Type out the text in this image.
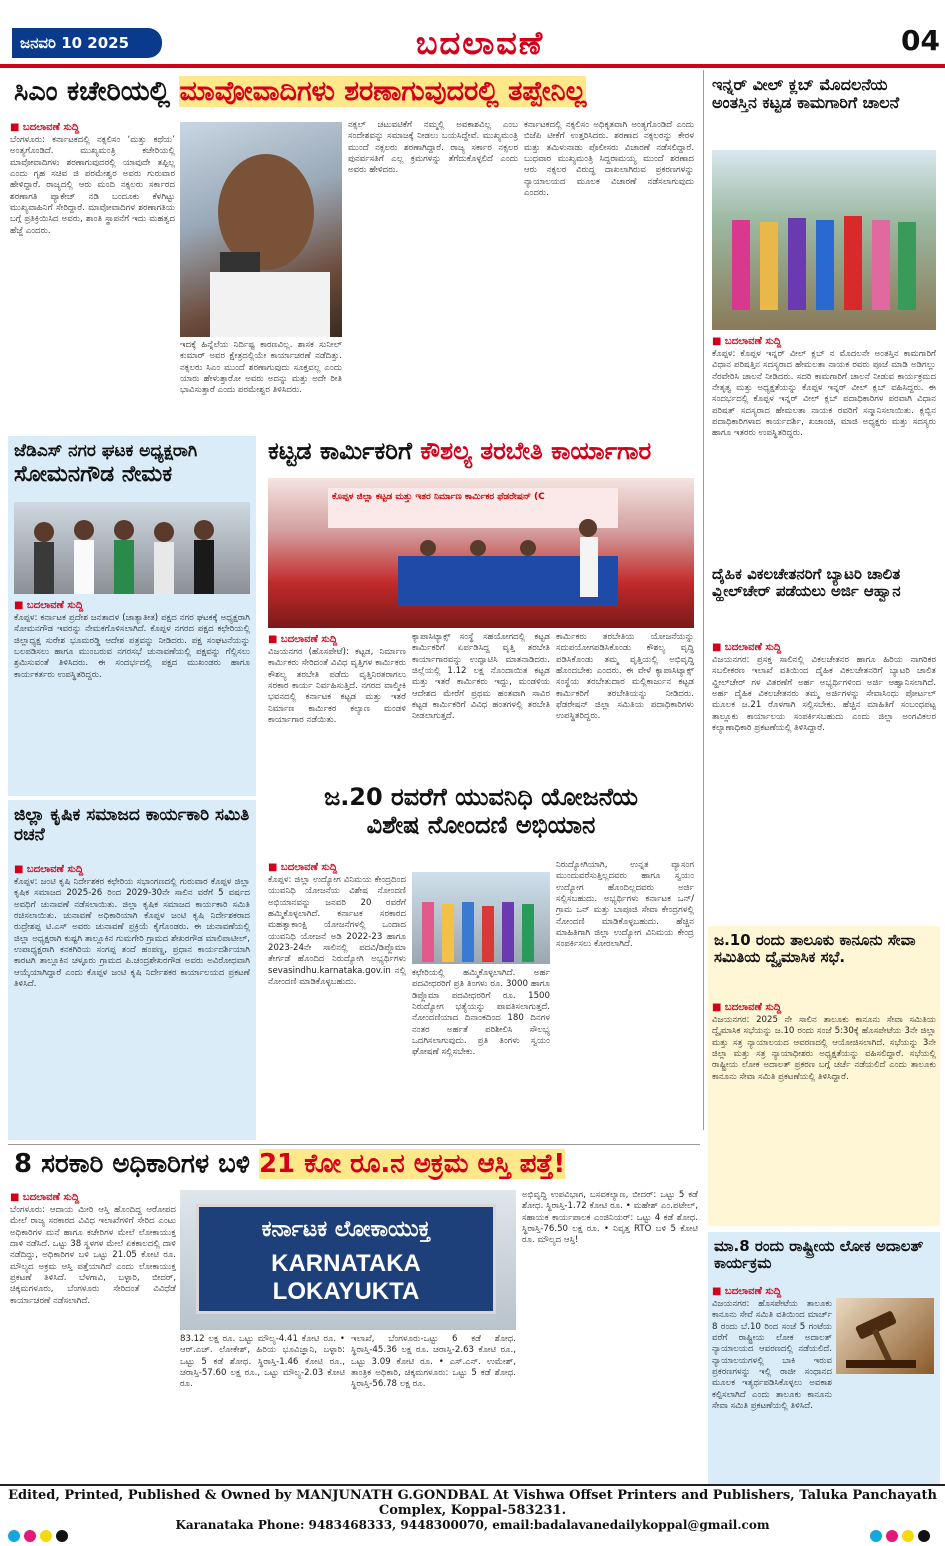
ಜನವರಿ 10 2025	ಬದಲಾವಣೆ	04
ಸಿಎಂ ಕಚೇರಿಯಲ್ಲಿ ಮಾವೋವಾದಿಗಳು ಶರಣಾಗುವುದರಲ್ಲಿ ತಪ್ಪೇನಿಲ್ಲ
■ ಬದಲಾವಣೆ ಸುದ್ದಿ
ಬೆಂಗಳೂರು: ಕರ್ನಾಟಕದಲ್ಲಿ ನಕ್ಸಲಿಸಂ ‘ಮತ್ತು ಕಥೆಯ’ ಅಂತ್ಯಗೊಂಡಿದೆ. ಮುಖ್ಯಮಂತ್ರಿ ಕಚೇರಿಯಲ್ಲಿ ಮಾವೋವಾದಿಗಳು ಶರಣಾಗುವುದರಲ್ಲಿ ಯಾವುದೇ ತಪ್ಪಿಲ್ಲ ಎಂದು ಗೃಹ ಸಚಿವ ಜಿ ಪರಮೇಶ್ವರ ಅವರು ಗುರುವಾರ ಹೇಳಿದ್ದಾರೆ. ರಾಜ್ಯದಲ್ಲಿ ಆರು ಮಂದಿ ನಕ್ಸಲರು ಸರ್ಕಾರದ ಶರಣಾಗತಿ ಪ್ಯಾಕೇಜ್ ನಡಿ ಬಂದೂಕು ಕೆಳಗಿಟ್ಟು ಮುಖ್ಯವಾಹಿನಿಗೆ ಸೇರಿದ್ದಾರೆ. ಮಾವೋವಾದಿಗಳ ಶರಣಾಗತಿಯ ಬಗ್ಗೆ ಪ್ರತಿಕ್ರಿಯಿಸಿದ ಅವರು, ಶಾಂತಿ ಸ್ಥಾಪನೆಗೆ ಇದು ಮಹತ್ವದ ಹೆಜ್ಜೆ ಎಂದರು.
ಇದಕ್ಕೆ ಹಿನ್ನೆಲೆಯ ನಿರ್ದಿಷ್ಟ ಕಾರಣವಿಲ್ಲ. ಶಾಸಕ ಸುನೀಲ್ ಕುಮಾರ್ ಅವರ ಕ್ಷೇತ್ರದಲ್ಲಿಯೇ ಕಾರ್ಯಾಚರಣೆ ನಡೆದಿತ್ತು. ನಕ್ಸಲರು ಸಿಎಂ ಮುಂದೆ ಶರಣಾಗುವುದು ಸೂಕ್ತವಲ್ಲ ಎಂದು ಯಾರು ಹೇಳುತ್ತಾರೋ ಅವರು ಅದನ್ನು ಮತ್ತು ಅದೇ ರೀತಿ ಭಾವಿಸುತ್ತಾರೆ ಎಂದು ಪರಮೇಶ್ವರ ತಿಳಿಸಿದರು.
ನಕ್ಸಲ್ ಚಟುವಟಿಕೆಗೆ ನಮ್ಮಲ್ಲಿ ಅವಕಾಶವಿಲ್ಲ ಎಂಬ ಸಂದೇಶವನ್ನು ಸಮಾಜಕ್ಕೆ ನೀಡಲು ಬಯಸಿದ್ದೇವೆ. ಮುಖ್ಯಮಂತ್ರಿ ಮುಂದೆ ನಕ್ಸಲರು ಶರಣಾಗಿದ್ದಾರೆ. ರಾಜ್ಯ ಸರ್ಕಾರ ನಕ್ಸಲರ ಪುನರ್ವಸತಿಗೆ ಎಲ್ಲ ಕ್ರಮಗಳನ್ನು ತೆಗೆದುಕೊಳ್ಳಲಿದೆ ಎಂದು ಅವರು ಹೇಳಿದರು.
ಕರ್ನಾಟಕದಲ್ಲಿ ನಕ್ಸಲಿಸಂ ಅಧಿಕೃತವಾಗಿ ಅಂತ್ಯಗೊಂಡಿದೆ ಎಂದು ಬಿಜೆಪಿ ಟೀಕೆಗೆ ಉತ್ತರಿಸಿದರು. ಶರಣಾದ ನಕ್ಸಲರನ್ನು ಕೇರಳ ಮತ್ತು ತಮಿಳುನಾಡು ಪೊಲೀಸರು ವಿಚಾರಣೆ ನಡೆಸಲಿದ್ದಾರೆ. ಬುಧವಾರ ಮುಖ್ಯಮಂತ್ರಿ ಸಿದ್ದರಾಮಯ್ಯ ಮುಂದೆ ಶರಣಾದ ಆರು ನಕ್ಸಲರ ವಿರುದ್ಧ ದಾಖಲಾಗಿರುವ ಪ್ರಕರಣಗಳನ್ನು ನ್ಯಾಯಾಲಯದ ಮೂಲಕ ವಿಚಾರಣೆ ನಡೆಸಲಾಗುವುದು ಎಂದರು.
ಇನ್ನರ್ ವೀಲ್ ಕ್ಲಬ್ ಮೊದಲನೆಯ ಅಂತಸ್ತಿನ ಕಟ್ಟಡ ಕಾಮಗಾರಿಗೆ ಚಾಲನೆ
■ ಬದಲಾವಣೆ ಸುದ್ದಿ
ಕೊಪ್ಪಳ: ಕೊಪ್ಪಳ ಇನ್ನರ್ ವೀಲ್ ಕ್ಲಬ್ ನ ಮೊದಲನೇ ಅಂತಸ್ತಿನ ಕಾಮಗಾರಿಗೆ ವಿಧಾನ ಪರಿಷತ್ತಿನ ಸದಸ್ಯರಾದ ಹೇಮಲತಾ ನಾಯಕ ರವರು ಪೂಜೆ ಮಾಡಿ ಅಡಿಗಲ್ಲು ನೆರವೇರಿಸಿ ಚಾಲನೆ ನೀಡಿದರು. ಸದರಿ ಕಾಮಗಾರಿಗೆ ಚಾಲನೆ ನೀಡುವ ಕಾರ್ಯಕ್ರಮದ ನೇತೃತ್ವ ಮತ್ತು ಅಧ್ಯಕ್ಷತೆಯನ್ನು ಕೊಪ್ಪಳ ಇನ್ನರ್ ವೀಲ್ ಕ್ಲಬ್ ವಹಿಸಿದ್ದರು. ಈ ಸಂದರ್ಭದಲ್ಲಿ ಕೊಪ್ಪಳ ಇನ್ನರ್ ವೀಲ್ ಕ್ಲಬ್ ಪದಾಧಿಕಾರಿಗಳ ಪರವಾಗಿ ವಿಧಾನ ಪರಿಷತ್ ಸದಸ್ಯರಾದ ಹೇಮಲತಾ ನಾಯಕ ರವರಿಗೆ ಸನ್ಮಾನಿಸಲಾಯಿತು. ಕ್ಲಬ್ಬಿನ ಪದಾಧಿಕಾರಿಗಳಾದ ಕಾರ್ಯದರ್ಶಿ, ಖಜಾಂಚಿ, ಮಾಜಿ ಅಧ್ಯಕ್ಷರು ಮತ್ತು ಸದಸ್ಯರು ಹಾಗೂ ಇತರರು ಉಪಸ್ಥಿತರಿದ್ದರು.
ಜೆಡಿಎಸ್ ನಗರ ಘಟಕ ಅಧ್ಯಕ್ಷರಾಗಿ
ಸೋಮನಗೌಡ ನೇಮಕ
■ ಬದಲಾವಣೆ ಸುದ್ದಿ
ಕೊಪ್ಪಳ: ಕರ್ನಾಟಕ ಪ್ರದೇಶ ಜನತಾದಳ (ಜಾತ್ಯಾತೀತ) ಪಕ್ಷದ ನಗರ ಘಟಕಕ್ಕೆ ಅಧ್ಯಕ್ಷರಾಗಿ ಸೋಮನಗೌಡ ಇವರನ್ನು ನೇಮಕಗೊಳಿಸಲಾಗಿದೆ. ಕೊಪ್ಪಳ ನಗರದ ಪಕ್ಷದ ಕಛೇರಿಯಲ್ಲಿ ಜಿಲ್ಲಾಧ್ಯಕ್ಷ ಸುರೇಶ ಭೂಮರಡ್ಡಿ ಆದೇಶ ಪತ್ರವನ್ನು ನೀಡಿದರು. ಪಕ್ಷ ಸಂಘಟನೆಯನ್ನು ಬಲಪಡಿಸಲು ಹಾಗೂ ಮುಂಬರುವ ನಗರಸಭೆ ಚುನಾವಣೆಯಲ್ಲಿ ಪಕ್ಷವನ್ನು ಗೆಲ್ಲಿಸಲು ಶ್ರಮಿಸುವಂತೆ ತಿಳಿಸಿದರು. ಈ ಸಂದರ್ಭದಲ್ಲಿ ಪಕ್ಷದ ಮುಖಂಡರು ಹಾಗೂ ಕಾರ್ಯಕರ್ತರು ಉಪಸ್ಥಿತರಿದ್ದರು.
ಕಟ್ಟಡ ಕಾರ್ಮಿಕರಿಗೆ ಕೌಶಲ್ಯ ತರಬೇತಿ ಕಾರ್ಯಾಗಾರ
ಕೊಪ್ಪಳ ಜಿಲ್ಲಾ ಕಟ್ಟಡ ಮತ್ತು ಇತರ ನಿರ್ಮಾಣ ಕಾರ್ಮಿಕರ ಫೆಡರೇಷನ್ (C
■ ಬದಲಾವಣೆ ಸುದ್ದಿ
ವಿಜಯನಗರ (ಹೊಸಪೇಟೆ): ಕಟ್ಟಡ, ನಿರ್ಮಾಣ ಕಾರ್ಮಿಕರು ಸೇರಿದಂತೆ ವಿವಿಧ ವೃತ್ತಿಗಳ ಕಾರ್ಮಿಕರು ಕೌಶಲ್ಯ ತರಬೇತಿ ಪಡೆದು ವೃತ್ತಿನಿರತರಾಗಲು ಸರಕಾರ ಕಾರ್ಯ ನಿರ್ವಹಿಸುತ್ತಿದೆ. ನಗರದ ವಾಲ್ಮೀಕಿ ಭವನದಲ್ಲಿ ಕರ್ನಾಟಕ ಕಟ್ಟಡ ಮತ್ತು ಇತರೆ ನಿರ್ಮಾಣ ಕಾರ್ಮಿಕರ ಕಲ್ಯಾಣ ಮಂಡಳಿ ಕಾರ್ಯಾಗಾರ ನಡೆಯಿತು.
ಕ್ಯಾಪಾಸಿಟ್ಯಾಕ್ಸ್ ಸಂಸ್ಥೆ ಸಹಯೋಗದಲ್ಲಿ ಕಟ್ಟಡ ಕಾರ್ಮಿಕರಿಗೆ ಏರ್ಪಡಿಸಿದ್ದ ವೃತ್ತಿ ತರಬೇತಿ ಕಾರ್ಯಾಗಾರವನ್ನು ಉದ್ಘಾಟಿಸಿ ಮಾತನಾಡಿದರು. ಜಿಲ್ಲೆಯಲ್ಲಿ 1.12 ಲಕ್ಷ ನೊಂದಾಯಿತ ಕಟ್ಟಡ ಮತ್ತು ಇತರೆ ಕಾರ್ಮಿಕರು ಇದ್ದು, ಮಂಡಳಿಯ ಆದೇಶದ ಮೇರೆಗೆ ಪ್ರಥಮ ಹಂತವಾಗಿ ಸಾವಿರ ಕಟ್ಟಡ ಕಾರ್ಮಿಕರಿಗೆ ವಿವಿಧ ಹಂತಗಳಲ್ಲಿ ತರಬೇತಿ ನೀಡಲಾಗುತ್ತದೆ.
ಕಾರ್ಮಿಕರು ತರಬೇತಿಯ ಯೋಜನೆಯನ್ನು ಸದುಪಯೋಗಪಡಿಸಿಕೊಂಡು ಕೌಶಲ್ಯ ವೃದ್ಧಿ ಪಡಿಸಿಕೊಂಡು ತಮ್ಮ ವೃತ್ತಿಯಲ್ಲಿ ಅಭಿವೃದ್ಧಿ ಹೊಂದಬೇಕು ಎಂದರು. ಈ ವೇಳೆ ಕ್ಯಾಪಾಸಿಟ್ಯಾಕ್ಸ್ ಸಂಸ್ಥೆಯ ತರಬೇತುದಾರ ಮಲ್ಲಿಕಾರ್ಜುನ ಕಟ್ಟಡ ಕಾರ್ಮಿಕರಿಗೆ ತರಬೇತಿಯನ್ನು ನೀಡಿದರು. ಫೆಡರೇಷನ್ ಜಿಲ್ಲಾ ಸಮಿತಿಯ ಪದಾಧಿಕಾರಿಗಳು ಉಪಸ್ಥಿತರಿದ್ದರು.
ದೈಹಿಕ ವಿಕಲಚೇತನರಿಗೆ ಬ್ಯಾಟರಿ ಚಾಲಿತ ವ್ಹೀಲ್‌ಚೇರ್ ಪಡೆಯಲು ಅರ್ಜಿ ಆಹ್ವಾನ
■ ಬದಲಾವಣೆ ಸುದ್ದಿ
ವಿಜಯನಗರ: ಪ್ರಸಕ್ತ ಸಾಲಿನಲ್ಲಿ ವಿಕಲಚೇತನರ ಹಾಗೂ ಹಿರಿಯ ನಾಗರಿಕರ ಸಬಲೀಕರಣ ಇಲಾಖೆ ವತಿಯಿಂದ ದೈಹಿಕ ವಿಕಲಚೇತನರಿಗೆ ಬ್ಯಾಟರಿ ಚಾಲಿತ ವ್ಹೀಲ್‌ಚೇರ್ ಗಳ ವಿತರಣೆಗೆ ಅರ್ಹ ಅಭ್ಯರ್ಥಿಗಳಿಂದ ಅರ್ಜಿ ಆಹ್ವಾನಿಸಲಾಗಿದೆ. ಅರ್ಹ ದೈಹಿಕ ವಿಕಲಚೇತನರು ತಮ್ಮ ಅರ್ಜಿಗಳನ್ನು ಸೇವಾಸಿಂಧು ಪೋರ್ಟಲ್ ಮೂಲಕ ಜ.21 ರೊಳಗಾಗಿ ಸಲ್ಲಿಸಬೇಕು. ಹೆಚ್ಚಿನ ಮಾಹಿತಿಗೆ ಸಂಬಂಧಪಟ್ಟ ತಾಲ್ಲೂಕು ಕಾರ್ಯಾಲಯ ಸಂಪರ್ಕಿಸಬಹುದು ಎಂದು ಜಿಲ್ಲಾ ಅಂಗವಿಕಲರ ಕಲ್ಯಾಣಾಧಿಕಾರಿ ಪ್ರಕಟಣೆಯಲ್ಲಿ ತಿಳಿಸಿದ್ದಾರೆ.
ಜಿಲ್ಲಾ ಕೃಷಿಕ ಸಮಾಜದ ಕಾರ್ಯಕಾರಿ ಸಮಿತಿ ರಚನೆ
■ ಬದಲಾವಣೆ ಸುದ್ದಿ
ಕೊಪ್ಪಳ: ಜಂಟಿ ಕೃಷಿ ನಿರ್ದೇಶಕರ ಕಛೇರಿಯ ಸಭಾಂಗಣದಲ್ಲಿ ಗುರುವಾರ ಕೊಪ್ಪಳ ಜಿಲ್ಲಾ ಕೃಷಿಕ ಸಮಾಜದ 2025-26 ರಿಂದ 2029-30ನೇ ಸಾಲಿನ ವರೆಗೆ 5 ವರ್ಷದ ಅವಧಿಗೆ ಚುನಾವಣೆ ನಡೆಸಲಾಯಿತು. ಜಿಲ್ಲಾ ಕೃಷಿಕ ಸಮಾಜದ ಕಾರ್ಯಕಾರಿ ಸಮಿತಿ ರಚಿಸಲಾಯಿತು. ಚುನಾವಣೆ ಅಧಿಕಾರಿಯಾಗಿ ಕೊಪ್ಪಳ ಜಂಟಿ ಕೃಷಿ ನಿರ್ದೇಶಕರಾದ ರುದ್ರೇಶಪ್ಪ ಟಿ.ಎಸ್ ಅವರು ಚುನಾವಣೆ ಪ್ರಕ್ರಿಯೆ ಕೈಗೊಂಡರು. ಈ ಚುನಾವಣೆಯಲ್ಲಿ ಜಿಲ್ಲಾ ಅಧ್ಯಕ್ಷರಾಗಿ ಕುಷ್ಟಗಿ ತಾಲ್ಲೂಕಿನ ಗುಮಗೇರಿ ಗ್ರಾಮದ ಶೇಖರಗೌಡ ಮಾಲಿಪಾಟೀಲ್, ಉಪಾಧ್ಯಕ್ಷರಾಗಿ ಕನಕಗಿರಿಯ ಸಂಗಪ್ಪ ತಂದೆ ಹಂಪಣ್ಣ, ಪ್ರಧಾನ ಕಾರ್ಯದರ್ಶಿಯಾಗಿ ಕಾರಟಗಿ ತಾಲ್ಲೂಕಿನ ಚಳ್ಳೂರು ಗ್ರಾಮದ ಪಿ.ಚಂದ್ರಶೇಖರಗೌಡ ಅವರು ಅವಿರೋಧವಾಗಿ ಆಯ್ಕೆಯಾಗಿದ್ದಾರೆ ಎಂದು ಕೊಪ್ಪಳ ಜಂಟಿ ಕೃಷಿ ನಿರ್ದೇಶಕರ ಕಾರ್ಯಾಲಯದ ಪ್ರಕಟಣೆ ತಿಳಿಸಿದೆ.
ಜ.20 ರವರೆಗೆ ಯುವನಿಧಿ ಯೋಜನೆಯ
ವಿಶೇಷ ನೋಂದಣಿ ಅಭಿಯಾನ
■ ಬದಲಾವಣೆ ಸುದ್ದಿ
ಕೊಪ್ಪಳ: ಜಿಲ್ಲಾ ಉದ್ಯೋಗ ವಿನಿಮಯ ಕೇಂದ್ರದಿಂದ ಯುವನಿಧಿ ಯೋಜನೆಯ ವಿಶೇಷ ನೋಂದಣಿ ಅಭಿಯಾನವನ್ನು ಜನವರಿ 20 ರವರೆಗೆ ಹಮ್ಮಿಕೊಳ್ಳಲಾಗಿದೆ. ಕರ್ನಾಟಕ ಸರಕಾರದ ಮಹತ್ವಾಕಾಂಕ್ಷಿ ಯೋಜನೆಗಳಲ್ಲಿ ಒಂದಾದ ಯುವನಿಧಿ ಯೋಜನೆ ಅಡಿ 2022-23 ಹಾಗೂ 2023-24ನೇ ಸಾಲಿನಲ್ಲಿ ಪದವಿ/ಡಿಪ್ಲೊಮಾ ತೇರ್ಗಡೆ ಹೊಂದಿದ ನಿರುದ್ಯೋಗಿ ಅಭ್ಯರ್ಥಿಗಳು sevasindhu.karnataka.gov.in ನಲ್ಲಿ ನೋಂದಣಿ ಮಾಡಿಕೊಳ್ಳಬಹುದು.
ಕಛೇರಿಯಲ್ಲಿ ಹಮ್ಮಿಕೊಳ್ಳಲಾಗಿದೆ. ಅರ್ಹ ಪದವೀಧರರಿಗೆ ಪ್ರತಿ ತಿಂಗಳು ರೂ. 3000 ಹಾಗೂ ಡಿಪ್ಲೊಮಾ ಪದವೀಧರರಿಗೆ ರೂ. 1500 ನಿರುದ್ಯೋಗ ಭತ್ಯೆಯನ್ನು ಪಾವತಿಸಲಾಗುತ್ತದೆ. ನೋಂದಣಿಯಾದ ದಿನಾಂಕದಿಂದ 180 ದಿನಗಳ ನಂತರ ಅರ್ಹತೆ ಪರಿಶೀಲಿಸಿ ಸೌಲಭ್ಯ ಒದಗಿಸಲಾಗುವುದು. ಪ್ರತಿ ತಿಂಗಳು ಸ್ವಯಂ ಘೋಷಣೆ ಸಲ್ಲಿಸಬೇಕು.
ನಿರುದ್ಯೋಗಿಯಾಗಿ, ಉನ್ನತ ವ್ಯಾಸಂಗ ಮುಂದುವರೆಸುತ್ತಿಲ್ಲದವರು ಹಾಗೂ ಸ್ವಯಂ ಉದ್ಯೋಗ ಹೊಂದಿಲ್ಲದವರು ಅರ್ಜಿ ಸಲ್ಲಿಸಬಹುದು. ಅಭ್ಯರ್ಥಿಗಳು ಕರ್ನಾಟಕ ಒನ್/ಗ್ರಾಮ ಒನ್ ಮತ್ತು ಬಾಪೂಜಿ ಸೇವಾ ಕೇಂದ್ರಗಳಲ್ಲಿ ನೋಂದಣಿ ಮಾಡಿಕೊಳ್ಳಬಹುದು. ಹೆಚ್ಚಿನ ಮಾಹಿತಿಗಾಗಿ ಜಿಲ್ಲಾ ಉದ್ಯೋಗ ವಿನಿಮಯ ಕೇಂದ್ರ ಸಂಪರ್ಕಿಸಲು ಕೋರಲಾಗಿದೆ.	ಜ.10 ರಂದು ತಾಲೂಕು ಕಾನೂನು ಸೇವಾ ಸಮಿತಿಯ ದ್ವೈಮಾಸಿಕ ಸಭೆ.
■ ಬದಲಾವಣೆ ಸುದ್ದಿ
ವಿಜಯನಗರ: 2025 ನೇ ಸಾಲಿನ ತಾಲೂಕು ಕಾನೂನು ಸೇವಾ ಸಮಿತಿಯ ದ್ವೈಮಾಸಿಕ ಸಭೆಯನ್ನು ಜ.10 ರಂದು ಸಂಜೆ 5:30ಕ್ಕೆ ಹೊಸಪೇಟೆಯ 3ನೇ ಜಿಲ್ಲಾ ಮತ್ತು ಸತ್ರ ನ್ಯಾಯಾಲಯದ ಆವರಣದಲ್ಲಿ ಆಯೋಜಿಸಲಾಗಿದೆ. ಸಭೆಯನ್ನು 3ನೇ ಜಿಲ್ಲಾ ಮತ್ತು ಸತ್ರ ನ್ಯಾಯಾಧೀಶರು ಅಧ್ಯಕ್ಷತೆಯನ್ನು ವಹಿಸಲಿದ್ದಾರೆ. ಸಭೆಯಲ್ಲಿ ರಾಷ್ಟ್ರೀಯ ಲೋಕ ಅದಾಲತ್ ಪ್ರಕರಣ ಬಗ್ಗೆ ಚರ್ಚೆ ನಡೆಯಲಿದೆ ಎಂದು ತಾಲೂಕು ಕಾನೂನು ಸೇವಾ ಸಮಿತಿ ಪ್ರಕಟಣೆಯಲ್ಲಿ ತಿಳಿಸಿದ್ದಾರೆ.
8 ಸರಕಾರಿ ಅಧಿಕಾರಿಗಳ ಬಳಿ 21 ಕೋ ರೂ.ನ ಅಕ್ರಮ ಆಸ್ತಿ ಪತ್ತೆ!
■ ಬದಲಾವಣೆ ಸುದ್ದಿ
ಬೆಂಗಳೂರು: ಆದಾಯ ಮೀರಿ ಆಸ್ತಿ ಹೊಂದಿದ್ದ ಆರೋಪದ ಮೇಲೆ ರಾಜ್ಯ ಸರಕಾರದ ವಿವಿಧ ಇಲಾಖೆಗಳಿಗೆ ಸೇರಿದ ಎಂಟು ಅಧಿಕಾರಿಗಳ ಮನೆ ಹಾಗೂ ಕಚೇರಿಗಳ ಮೇಲೆ ಲೋಕಾಯುಕ್ತ ದಾಳಿ ನಡೆಸಿದೆ. ಒಟ್ಟು 38 ಸ್ಥಳಗಳ ಮೇಲೆ ಏಕಕಾಲದಲ್ಲಿ ದಾಳಿ ನಡೆದಿದ್ದು, ಅಧಿಕಾರಿಗಳ ಬಳಿ ಒಟ್ಟು 21.05 ಕೋಟಿ ರೂ. ಮೌಲ್ಯದ ಅಕ್ರಮ ಆಸ್ತಿ ಪತ್ತೆಯಾಗಿದೆ ಎಂದು ಲೋಕಾಯುಕ್ತ ಪ್ರಕಟಣೆ ತಿಳಿಸಿದೆ. ಬೆಳಗಾವಿ, ಬಳ್ಳಾರಿ, ಬೀದರ್, ಚಿಕ್ಕಮಗಳೂರು, ಬೆಂಗಳೂರು ಸೇರಿದಂತೆ ವಿವಿಧೆಡೆ ಕಾರ್ಯಾಚರಣೆ ನಡೆಸಲಾಗಿದೆ.
ಕರ್ನಾಟಕ ಲೋಕಾಯುಕ್ತ
KARNATAKA LOKAYUKTA
83.12 ಲಕ್ಷ ರೂ. ಒಟ್ಟು ಮೌಲ್ಯ-4.41 ಕೋಟಿ ರೂ. • ಆರ್.ಎಚ್. ಲೋಕೇಶ್, ಹಿರಿಯ ಭೂವಿಜ್ಞಾನಿ, ಬಳ್ಳಾರಿ: ಒಟ್ಟು 5 ಕಡೆ ಶೋಧ. ಸ್ಥಿರಾಸ್ತಿ-1.46 ಕೋಟಿ ರೂ., ಚರಾಸ್ತಿ-57.60 ಲಕ್ಷ ರೂ., ಒಟ್ಟು ಮೌಲ್ಯ-2.03 ಕೋಟಿ ರೂ.
ಇಲಾಖೆ, ಬೆಂಗಳೂರು-ಒಟ್ಟು 6 ಕಡೆ ಶೋಧ. ಸ್ಥಿರಾಸ್ತಿ-45.36 ಲಕ್ಷ ರೂ. ಚರಾಸ್ತಿ-2.63 ಕೋಟಿ ರೂ., ಒಟ್ಟು 3.09 ಕೋಟಿ ರೂ. • ಎಸ್.ಎನ್. ಉಮೇಶ್, ತಾಂತ್ರಿಕ ಅಧಿಕಾರಿ, ಚಿಕ್ಕಮಗಳೂರು: ಒಟ್ಟು 5 ಕಡೆ ಶೋಧ. ಸ್ಥಿರಾಸ್ತಿ-56.78 ಲಕ್ಷ ರೂ.
ಅಭಿವೃದ್ಧಿ ಉಪವಿಭಾಗ, ಬಸವಕಲ್ಯಾಣ, ಬೀದರ್: ಒಟ್ಟು 5 ಕಡೆ ಶೋಧ. ಸ್ಥಿರಾಸ್ತಿ-1.72 ಕೋಟಿ ರೂ. • ಮಹೇಶ್ ಎಂ.ಪಟೇಲ್, ಸಹಾಯಕ ಕಾರ್ಯಪಾಲಕ ಎಂಜಿನಿಯರ್: ಒಟ್ಟು 4 ಕಡೆ ಶೋಧ. ಸ್ಥಿರಾಸ್ತಿ-76.50 ಲಕ್ಷ ರೂ. • ನಿವೃತ್ತ RTO ಬಳಿ 5 ಕೋಟಿ ರೂ. ಮೌಲ್ಯದ ಆಸ್ತಿ!	ಮಾ.8 ರಂದು ರಾಷ್ಟ್ರೀಯ ಲೋಕ ಅದಾಲತ್ ಕಾರ್ಯಕ್ರಮ
■ ಬದಲಾವಣೆ ಸುದ್ದಿ
ವಿಜಯನಗರ: ಹೊಸಪೇಟೆಯ ತಾಲೂಕು ಕಾನೂನು ಸೇವೆ ಸಮಿತಿ ವತಿಯಿಂದ ಮಾರ್ಚ್ 8 ರಂದು ಬೆ.10 ರಿಂದ ಸಂಜೆ 5 ಗಂಟೆಯ ವರೆಗೆ ರಾಷ್ಟ್ರೀಯ ಲೋಕ ಅದಾಲತ್ ನ್ಯಾಯಾಲಯದ ಆವರಣದಲ್ಲಿ ನಡೆಯಲಿದೆ. ನ್ಯಾಯಾಲಯಗಳಲ್ಲಿ ಬಾಕಿ ಇರುವ ಪ್ರಕರಣಗಳನ್ನು ಇಲ್ಲಿ ರಾಜೀ ಸಂಧಾನದ ಮೂಲಕ ಇತ್ಯರ್ಥಪಡಿಸಿಕೊಳ್ಳಲು ಅವಕಾಶ ಕಲ್ಪಿಸಲಾಗಿದೆ ಎಂದು ತಾಲೂಕು ಕಾನೂನು ಸೇವಾ ಸಮಿತಿ ಪ್ರಕಟಣೆಯಲ್ಲಿ ತಿಳಿಸಿದೆ.
Edited, Printed, Published & Owned by MANJUNATH G.GONDBAL At Vishwa Offset Printers and Publishers, Taluka Panchayath Complex, Koppal-583231.
Karanataka Phone: 9483468333, 9448300070, email:badalavanedailykoppal@gmail.com
